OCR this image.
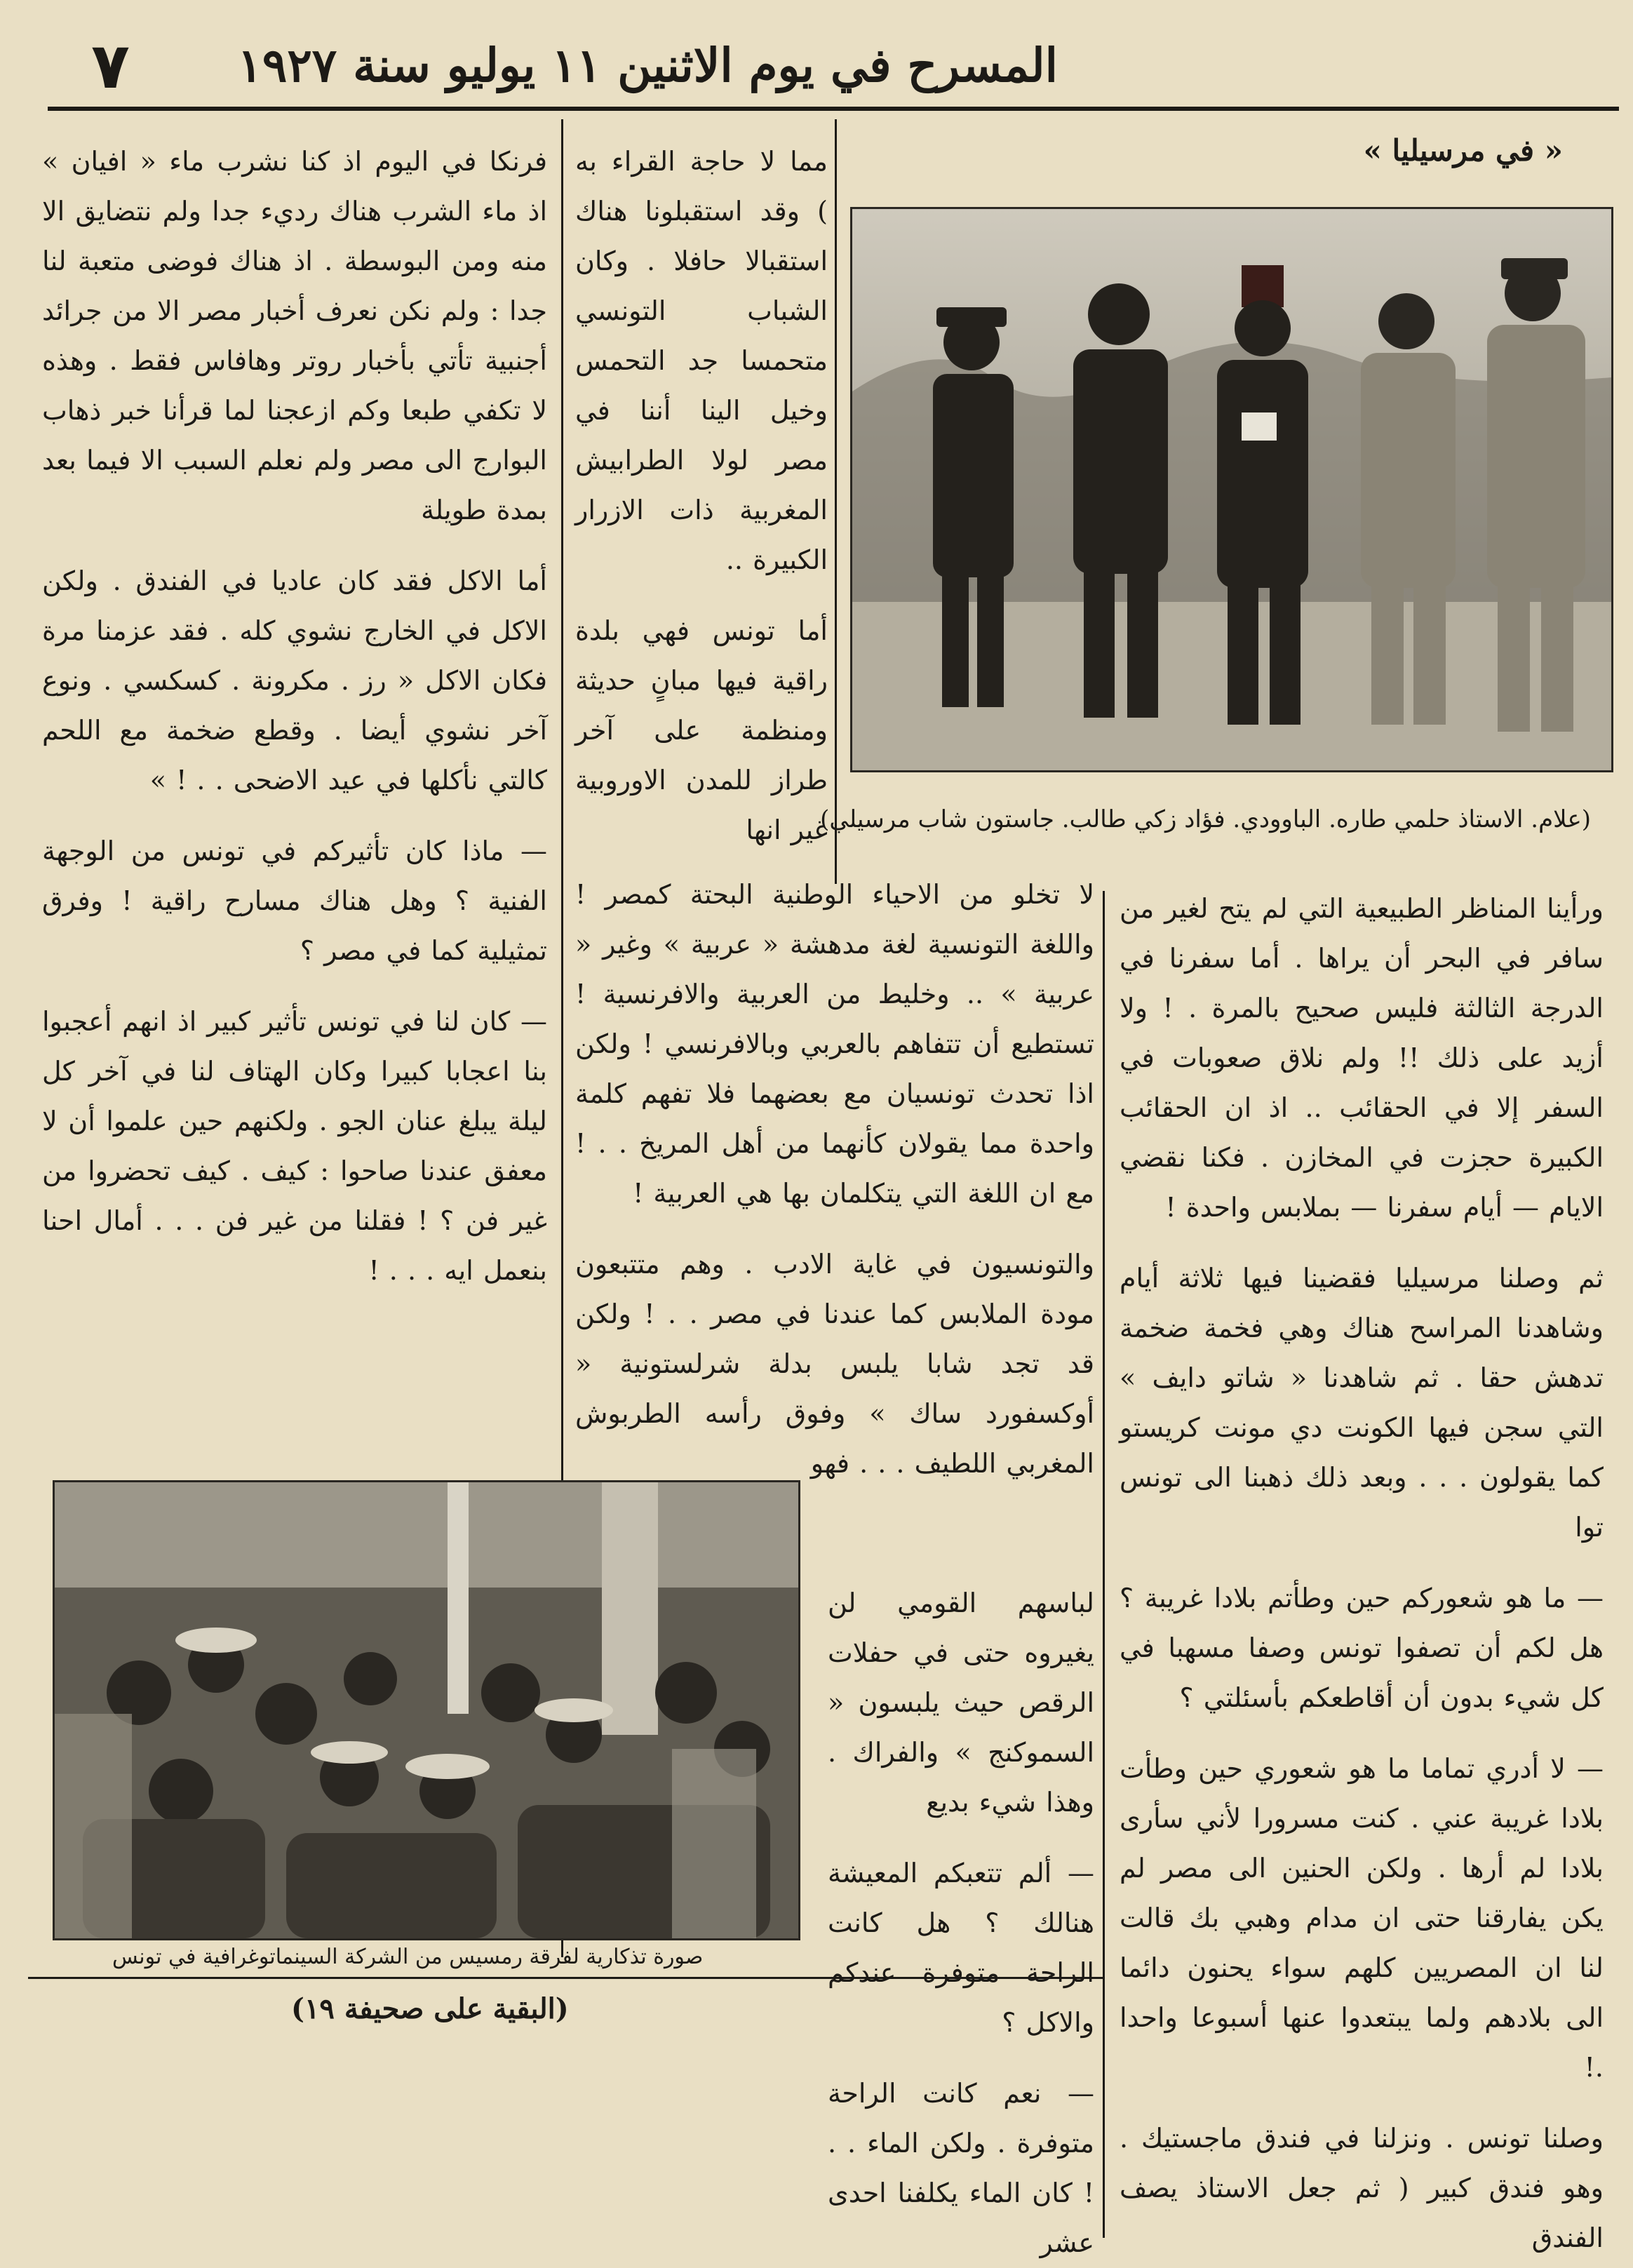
المسرح في يوم الاثنين ١١ يوليو سنة ١٩٢٧
٧
« في مرسيليا »
(علام. الاستاذ حلمي طاره. الباوودي. فؤاد زكي طالب. جاستون شاب مرسيلي)

ورأينا المناظر الطبيعية التي لم يتح لغير من سافر في البحر أن يراها . أما سفرنا في الدرجة الثالثة فليس صحيح بالمرة . ! ولا أزيد على ذلك !! ولم نلاق صعوبات في السفر إلا في الحقائب .. اذ ان الحقائب الكبيرة حجزت في المخازن . فكنا نقضي الايام — أيام سفرنا — بملابس واحدة !

ثم وصلنا مرسيليا فقضينا فيها ثلاثة أيام وشاهدنا المراسح هناك وهي فخمة ضخمة تدهش حقا . ثم شاهدنا « شاتو دايف » التي سجن فيها الكونت دي مونت كريستو كما يقولون . . . وبعد ذلك ذهبنا الى تونس توا

— ما هو شعوركم حين وطأتم بلادا غريبة ؟ هل لكم أن تصفوا تونس وصفا مسهبا في كل شيء بدون أن أقاطعكم بأسئلتي ؟

— لا أدري تماما ما هو شعوري حين وطأت بلادا غريبة عني . كنت مسرورا لأني سأرى بلادا لم أرها . ولكن الحنين الى مصر لم يكن يفارقنا حتى ان مدام وهبي بك قالت لنا ان المصريين كلهم سواء يحنون دائما الى بلادهم ولما يبتعدوا عنها أسبوعا واحدا .!

وصلنا تونس . ونزلنا في فندق ماجستيك . وهو فندق كبير ( ثم جعل الاستاذ يصف الفندق

مما لا حاجة القراء به ) وقد استقبلونا هناك استقبالا حافلا . وكان الشباب التونسي متحمسا جد التحمس وخيل الينا أننا في مصر لولا الطرابيش المغربية ذات الازرار الكبيرة ..

أما تونس فهي بلدة راقية فيها مبانٍ حديثة ومنظمة على آخر طراز للمدن الاوروبية غير انها

لا تخلو من الاحياء الوطنية البحتة كمصر ! واللغة التونسية لغة مدهشة « عربية » وغير « عربية » .. وخليط من العربية والافرنسية ! تستطيع أن تتفاهم بالعربي وبالافرنسي ! ولكن اذا تحدث تونسيان مع بعضهما فلا تفهم كلمة واحدة مما يقولان كأنهما من أهل المريخ . . ! مع ان اللغة التي يتكلمان بها هي العربية !

والتونسيون في غاية الادب . وهم متتبعون مودة الملابس كما عندنا في مصر . . ! ولكن قد تجد شابا يلبس بدلة شرلستونية « أوكسفورد ساك » وفوق رأسه الطربوش المغربي اللطيف . . . فهو

لباسهم القومي لن يغيروه حتى في حفلات الرقص حيث يلبسون « السموكنج » والفراك . وهذا شيء بديع

— ألم تتعبكم المعيشة هنالك ؟ هل كانت الراحة متوفرة عندكم والاكل ؟

— نعم كانت الراحة متوفرة . ولكن الماء . . ! كان الماء يكلفنا احدى عشر

فرنكا في اليوم اذ كنا نشرب ماء « افيان » اذ ماء الشرب هناك رديء جدا ولم نتضايق الا منه ومن البوسطة . اذ هناك فوضى متعبة لنا جدا : ولم نكن نعرف أخبار مصر الا من جرائد أجنبية تأتي بأخبار روتر وهافاس فقط . وهذه لا تكفي طبعا وكم ازعجنا لما قرأنا خبر ذهاب البوارج الى مصر ولم نعلم السبب الا فيما بعد بمدة طويلة

أما الاكل فقد كان عاديا في الفندق . ولكن الاكل في الخارج نشوي كله . فقد عزمنا مرة فكان الاكل « رز . مكرونة . كسكسي . ونوع آخر نشوي أيضا . وقطع ضخمة مع اللحم كالتي نأكلها في عيد الاضحى . . ! »

— ماذا كان تأثيركم في تونس من الوجهة الفنية ؟ وهل هناك مسارح راقية ! وفرق تمثيلية كما في مصر ؟

— كان لنا في تونس تأثير كبير اذ انهم أعجبوا بنا اعجابا كبيرا وكان الهتاف لنا في آخر كل ليلة يبلغ عنان الجو . ولكنهم حين علموا أن لا معفق عندنا صاحوا : كيف . كيف تحضروا من غير فن ؟ ! فقلنا من غير فن . . . أمال احنا بنعمل ايه . . . !

صورة تذكارية لفرقة رمسيس من الشركة السينماتوغرافية في تونس
(البقية على صحيفة ١٩)
